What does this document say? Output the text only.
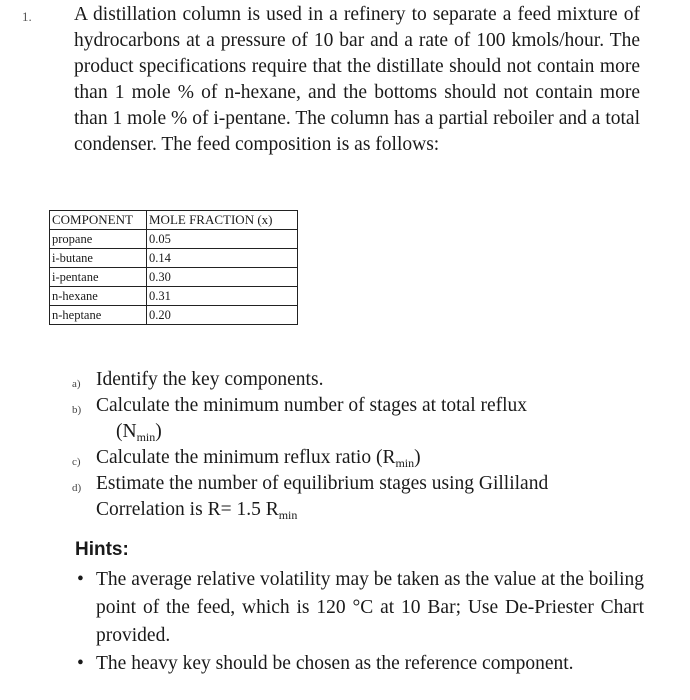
1. A distillation column is used in a refinery to separate a feed mixture of hydrocarbons at a pressure of 10 bar and a rate of 100 kmols/hour. The product specifications require that the distillate should not contain more than 1 mole % of n-hexane, and the bottoms should not contain more than 1 mole % of i-pentane. The column has a partial reboiler and a total condenser. The feed composition is as follows:

COMPONENT	MOLE FRACTION (x)
propane	0.05
i-butane	0.14
i-pentane	0.30
n-hexane	0.31
n-heptane	0.20
a) Identify the key components.
b) Calculate the minimum number of stages at total reflux
$(N_{min})$
c) Calculate the minimum reflux ratio $(R_{min})$
d) Estimate the number of equilibrium stages using Gilliland
Correlation is R= 1.5 $R_{min}$
Hints:
• The average relative volatility may be taken as the value at the boiling point of the feed, which is 120 °C at 10 Bar; Use De-Priester Chart provided.
• The heavy key should be chosen as the reference component.
